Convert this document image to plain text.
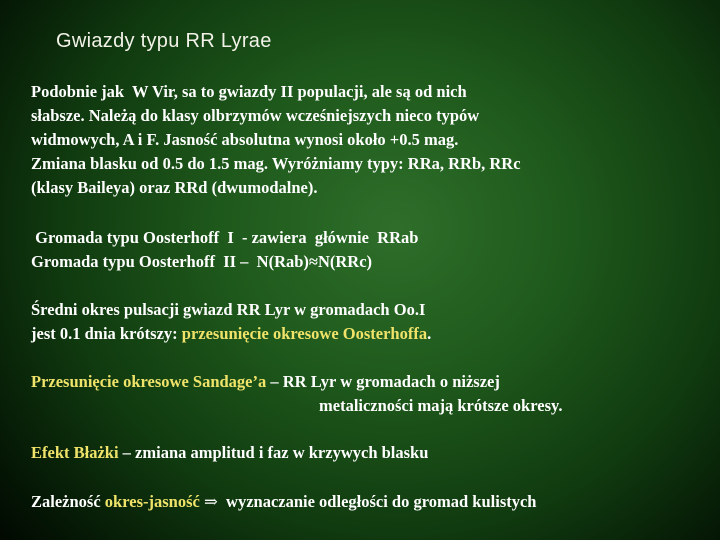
Gwiazdy typu RR Lyrae
Podobnie jak  W Vir, sa to gwiazdy II populacji, ale są od nich
słabsze. Należą do klasy olbrzymów wcześniejszych nieco typów
widmowych, A i F. Jasność absolutna wynosi około +0.5 mag.
Zmiana blasku od 0.5 do 1.5 mag. Wyróżniamy typy: RRa, RRb, RRc
(klasy Baileya) oraz RRd (dwumodalne).
Gromada typu Oosterhoff  I  - zawiera  głównie  RRab
Gromada typu Oosterhoff  II –  N(Rab)≈N(RRc)
Średni okres pulsacji gwiazd RR Lyr w gromadach Oo.I
jest 0.1 dnia krótszy: przesunięcie okresowe Oosterhoffa.
Przesunięcie okresowe Sandage’a – RR Lyr w gromadach o niższej
metaliczności mają krótsze okresy.
Efekt Błażki – zmiana amplitud i faz w krzywych blasku
Zależność okres-jasność ⇒  wyznaczanie odległości do gromad kulistych
